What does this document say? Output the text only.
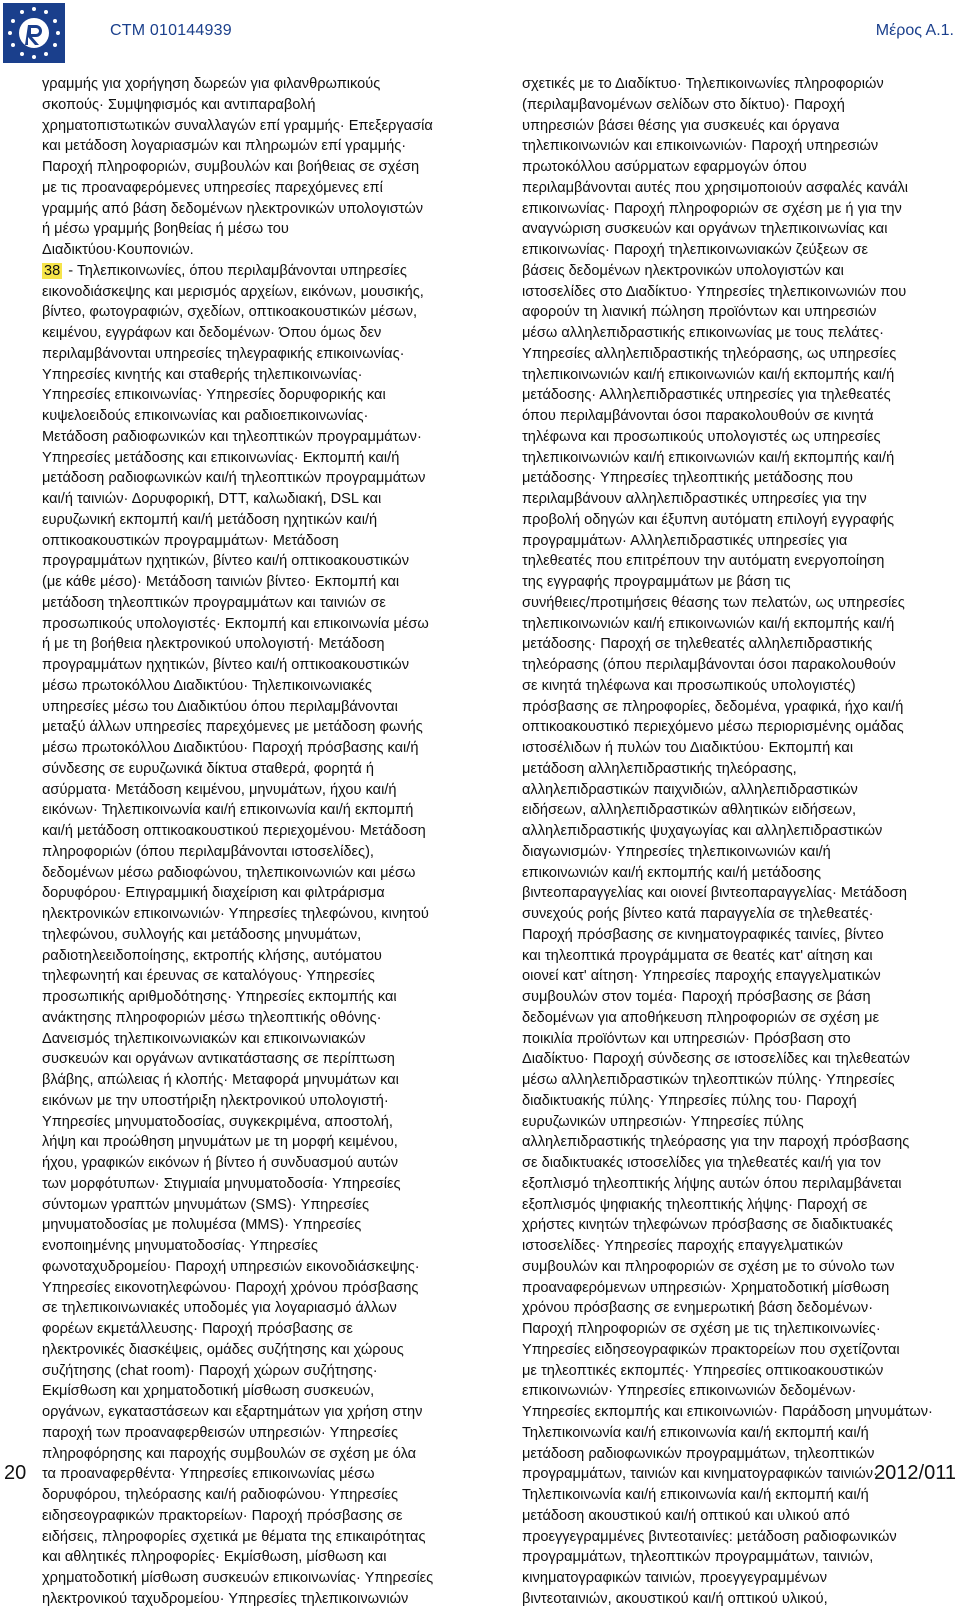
CTM 010144939	Μέρος Α.1.

γραμμής για χορήγηση δωρεών για φιλανθρωπικούς

σκοπούς· Συμψηφισμός και αντιπαραβολή

χρηματοπιστωτικών συναλλαγών επί γραμμής· Επεξεργασία

και μετάδοση λογαριασμών και πληρωμών επί γραμμής·

Παροχή πληροφοριών, συμβουλών και βοήθειας σε σχέση

με τις προαναφερόμενες υπηρεσίες παρεχόμενες επί

γραμμής από βάση δεδομένων ηλεκτρονικών υπολογιστών

ή μέσω γραμμής βοηθείας ή μέσω του

Διαδικτύου·Κουπονιών.

38 - Τηλεπικοινωνίες, όπου περιλαμβάνονται υπηρεσίες

εικονοδιάσκεψης και μερισμός αρχείων, εικόνων, μουσικής,

βίντεο, φωτογραφιών, σχεδίων, οπτικοακουστικών μέσων,

κειμένου, εγγράφων και δεδομένων· Όπου όμως δεν

περιλαμβάνονται υπηρεσίες τηλεγραφικής επικοινωνίας·

Υπηρεσίες κινητής και σταθερής τηλεπικοινωνίας·

Υπηρεσίες επικοινωνίας· Υπηρεσίες δορυφορικής και

κυψελοειδούς επικοινωνίας και ραδιοεπικοινωνίας·

Μετάδοση ραδιοφωνικών και τηλεοπτικών προγραμμάτων·

Υπηρεσίες μετάδοσης και επικοινωνίας· Εκπομπή και/ή

μετάδοση ραδιοφωνικών και/ή τηλεοπτικών προγραμμάτων

και/ή ταινιών· Δορυφορική, DTT, καλωδιακή, DSL και

ευρυζωνική εκπομπή και/ή μετάδοση ηχητικών και/ή

οπτικοακουστικών προγραμμάτων· Μετάδοση

προγραμμάτων ηχητικών, βίντεο και/ή οπτικοακουστικών

(με κάθε μέσο)· Μετάδοση ταινιών βίντεο· Εκπομπή και

μετάδοση τηλεοπτικών προγραμμάτων και ταινιών σε

προσωπικούς υπολογιστές· Εκπομπή και επικοινωνία μέσω

ή με τη βοήθεια ηλεκτρονικού υπολογιστή· Μετάδοση

προγραμμάτων ηχητικών, βίντεο και/ή οπτικοακουστικών

μέσω πρωτοκόλλου Διαδικτύου· Τηλεπικοινωνιακές

υπηρεσίες μέσω του Διαδικτύου όπου περιλαμβάνονται

μεταξύ άλλων υπηρεσίες παρεχόμενες με μετάδοση φωνής

μέσω πρωτοκόλλου Διαδικτύου· Παροχή πρόσβασης και/ή

σύνδεσης σε ευρυζωνικά δίκτυα σταθερά, φορητά ή

ασύρματα· Μετάδοση κειμένου, μηνυμάτων, ήχου και/ή

εικόνων· Τηλεπικοινωνία και/ή επικοινωνία και/ή εκπομπή

και/ή μετάδοση οπτικοακουστικού περιεχομένου· Μετάδοση

πληροφοριών (όπου περιλαμβάνονται ιστοσελίδες),

δεδομένων μέσω ραδιοφώνου, τηλεπικοινωνιών και μέσω

δορυφόρου· Επιγραμμική διαχείριση και φιλτράρισμα

ηλεκτρονικών επικοινωνιών· Υπηρεσίες τηλεφώνου, κινητού

τηλεφώνου, συλλογής και μετάδοσης μηνυμάτων,

ραδιοτηλεειδοποίησης, εκτροπής κλήσης, αυτόματου

τηλεφωνητή και έρευνας σε καταλόγους· Υπηρεσίες

προσωπικής αριθμοδότησης· Υπηρεσίες εκπομπής και

ανάκτησης πληροφοριών μέσω τηλεοπτικής οθόνης·

Δανεισμός τηλεπικοινωνιακών και επικοινωνιακών

συσκευών και οργάνων αντικατάστασης σε περίπτωση

βλάβης, απώλειας ή κλοπής· Μεταφορά μηνυμάτων και

εικόνων με την υποστήριξη ηλεκτρονικού υπολογιστή·

Υπηρεσίες μηνυματοδοσίας, συγκεκριμένα, αποστολή,

λήψη και προώθηση μηνυμάτων με τη μορφή κειμένου,

ήχου, γραφικών εικόνων ή βίντεο ή συνδυασμού αυτών

των μορφότυπων· Στιγμιαία μηνυματοδοσία· Υπηρεσίες

σύντομων γραπτών μηνυμάτων (SMS)· Υπηρεσίες

μηνυματοδοσίας με πολυμέσα (MMS)· Υπηρεσίες

ενοποιημένης μηνυματοδοσίας· Υπηρεσίες

φωνοταχυδρομείου· Παροχή υπηρεσιών εικονοδιάσκεψης·

Υπηρεσίες εικονοτηλεφώνου· Παροχή χρόνου πρόσβασης

σε τηλεπικοινωνιακές υποδομές για λογαριασμό άλλων

φορέων εκμετάλλευσης· Παροχή πρόσβασης σε

ηλεκτρονικές διασκέψεις, ομάδες συζήτησης και χώρους

συζήτησης (chat room)· Παροχή χώρων συζήτησης·

Εκμίσθωση και χρηματοδοτική μίσθωση συσκευών,

οργάνων, εγκαταστάσεων και εξαρτημάτων για χρήση στην

παροχή των προαναφερθεισών υπηρεσιών· Υπηρεσίες

πληροφόρησης και παροχής συμβουλών σε σχέση με όλα

τα προαναφερθέντα· Υπηρεσίες επικοινωνίας μέσω

δορυφόρου, τηλεόρασης και/ή ραδιοφώνου· Υπηρεσίες

ειδησεογραφικών πρακτορείων· Παροχή πρόσβασης σε

ειδήσεις, πληροφορίες σχετικά με θέματα της επικαιρότητας

και αθλητικές πληροφορίες· Εκμίσθωση, μίσθωση και

χρηματοδοτική μίσθωση συσκευών επικοινωνίας· Υπηρεσίες

ηλεκτρονικού ταχυδρομείου· Υπηρεσίες τηλεπικοινωνιών

σχετικές με το Διαδίκτυο· Τηλεπικοινωνίες πληροφοριών

(περιλαμβανομένων σελίδων στο δίκτυο)· Παροχή

υπηρεσιών βάσει θέσης για συσκευές και όργανα

τηλεπικοινωνιών και επικοινωνιών· Παροχή υπηρεσιών

πρωτοκόλλου ασύρματων εφαρμογών όπου

περιλαμβάνονται αυτές που χρησιμοποιούν ασφαλές κανάλι

επικοινωνίας· Παροχή πληροφοριών σε σχέση με ή για την

αναγνώριση συσκευών και οργάνων τηλεπικοινωνίας και

επικοινωνίας· Παροχή τηλεπικοινωνιακών ζεύξεων σε

βάσεις δεδομένων ηλεκτρονικών υπολογιστών και

ιστοσελίδες στο Διαδίκτυο· Υπηρεσίες τηλεπικοινωνιών που

αφορούν τη λιανική πώληση προϊόντων και υπηρεσιών

μέσω αλληλεπιδραστικής επικοινωνίας με τους πελάτες·

Υπηρεσίες αλληλεπιδραστικής τηλεόρασης, ως υπηρεσίες

τηλεπικοινωνιών και/ή επικοινωνιών και/ή εκπομπής και/ή

μετάδοσης· Αλληλεπιδραστικές υπηρεσίες για τηλεθεατές

όπου περιλαμβάνονται όσοι παρακολουθούν σε κινητά

τηλέφωνα και προσωπικούς υπολογιστές ως υπηρεσίες

τηλεπικοινωνιών και/ή επικοινωνιών και/ή εκπομπής και/ή

μετάδοσης· Υπηρεσίες τηλεοπτικής μετάδοσης που

περιλαμβάνουν αλληλεπιδραστικές υπηρεσίες για την

προβολή οδηγών και έξυπνη αυτόματη επιλογή εγγραφής

προγραμμάτων· Αλληλεπιδραστικές υπηρεσίες για

τηλεθεατές που επιτρέπουν την αυτόματη ενεργοποίηση

της εγγραφής προγραμμάτων με βάση τις

συνήθειες/προτιμήσεις θέασης των πελατών, ως υπηρεσίες

τηλεπικοινωνιών και/ή επικοινωνιών και/ή εκπομπής και/ή

μετάδοσης· Παροχή σε τηλεθεατές αλληλεπιδραστικής

τηλεόρασης (όπου περιλαμβάνονται όσοι παρακολουθούν

σε κινητά τηλέφωνα και προσωπικούς υπολογιστές)

πρόσβασης σε πληροφορίες, δεδομένα, γραφικά, ήχο και/ή

οπτικοακουστικό περιεχόμενο μέσω περιορισμένης ομάδας

ιστοσέλιδων ή πυλών του Διαδικτύου· Εκπομπή και

μετάδοση αλληλεπιδραστικής τηλεόρασης,

αλληλεπιδραστικών παιχνιδιών, αλληλεπιδραστικών

ειδήσεων, αλληλεπιδραστικών αθλητικών ειδήσεων,

αλληλεπιδραστικής ψυχαγωγίας και αλληλεπιδραστικών

διαγωνισμών· Υπηρεσίες τηλεπικοινωνιών και/ή

επικοινωνιών και/ή εκπομπής και/ή μετάδοσης

βιντεοπαραγγελίας και οιονεί βιντεοπαραγγελίας· Μετάδοση

συνεχούς ροής βίντεο κατά παραγγελία σε τηλεθεατές·

Παροχή πρόσβασης σε κινηματογραφικές ταινίες, βίντεο

και τηλεοπτικά προγράμματα σε θεατές κατ' αίτηση και

οιονεί κατ' αίτηση· Υπηρεσίες παροχής επαγγελματικών

συμβουλών στον τομέα· Παροχή πρόσβασης σε βάση

δεδομένων για αποθήκευση πληροφοριών σε σχέση με

ποικιλία προϊόντων και υπηρεσιών· Πρόσβαση στο

Διαδίκτυο· Παροχή σύνδεσης σε ιστοσελίδες και τηλεθεατών

μέσω αλληλεπιδραστικών τηλεοπτικών πύλης· Υπηρεσίες

διαδικτυακής πύλης· Υπηρεσίες πύλης του· Παροχή

ευρυζωνικών υπηρεσιών· Υπηρεσίες πύλης

αλληλεπιδραστικής τηλεόρασης για την παροχή πρόσβασης

σε διαδικτυακές ιστοσελίδες για τηλεθεατές και/ή για τον

εξοπλισμό τηλεοπτικής λήψης αυτών όπου περιλαμβάνεται

εξοπλισμός ψηφιακής τηλεοπτικής λήψης· Παροχή σε

χρήστες κινητών τηλεφώνων πρόσβασης σε διαδικτυακές

ιστοσελίδες· Υπηρεσίες παροχής επαγγελματικών

συμβουλών και πληροφοριών σε σχέση με το σύνολο των

προαναφερόμενων υπηρεσιών· Χρηματοδοτική μίσθωση

χρόνου πρόσβασης σε ενημερωτική βάση δεδομένων·

Παροχή πληροφοριών σε σχέση με τις τηλεπικοινωνίες·

Υπηρεσίες ειδησεογραφικών πρακτορείων που σχετίζονται

με τηλεοπτικές εκπομπές· Υπηρεσίες οπτικοακουστικών

επικοινωνιών· Υπηρεσίες επικοινωνιών δεδομένων·

Υπηρεσίες εκπομπής και επικοινωνιών· Παράδοση μηνυμάτων·

Τηλεπικοινωνία και/ή επικοινωνία και/ή εκπομπή και/ή

μετάδοση ραδιοφωνικών προγραμμάτων, τηλεοπτικών

προγραμμάτων, ταινιών και κινηματογραφικών ταινιών·

Τηλεπικοινωνία και/ή επικοινωνία και/ή εκπομπή και/ή

μετάδοση ακουστικού και/ή οπτικού και υλικού από

προεγγεγραμμένες βιντεοταινίες: μετάδοση ραδιοφωνικών

προγραμμάτων, τηλεοπτικών προγραμμάτων, ταινιών,

κινηματογραφικών ταινιών, προεγγεγραμμένων

βιντεοταινιών, ακουστικού και/ή οπτικού υλικού,

20	2012/011
